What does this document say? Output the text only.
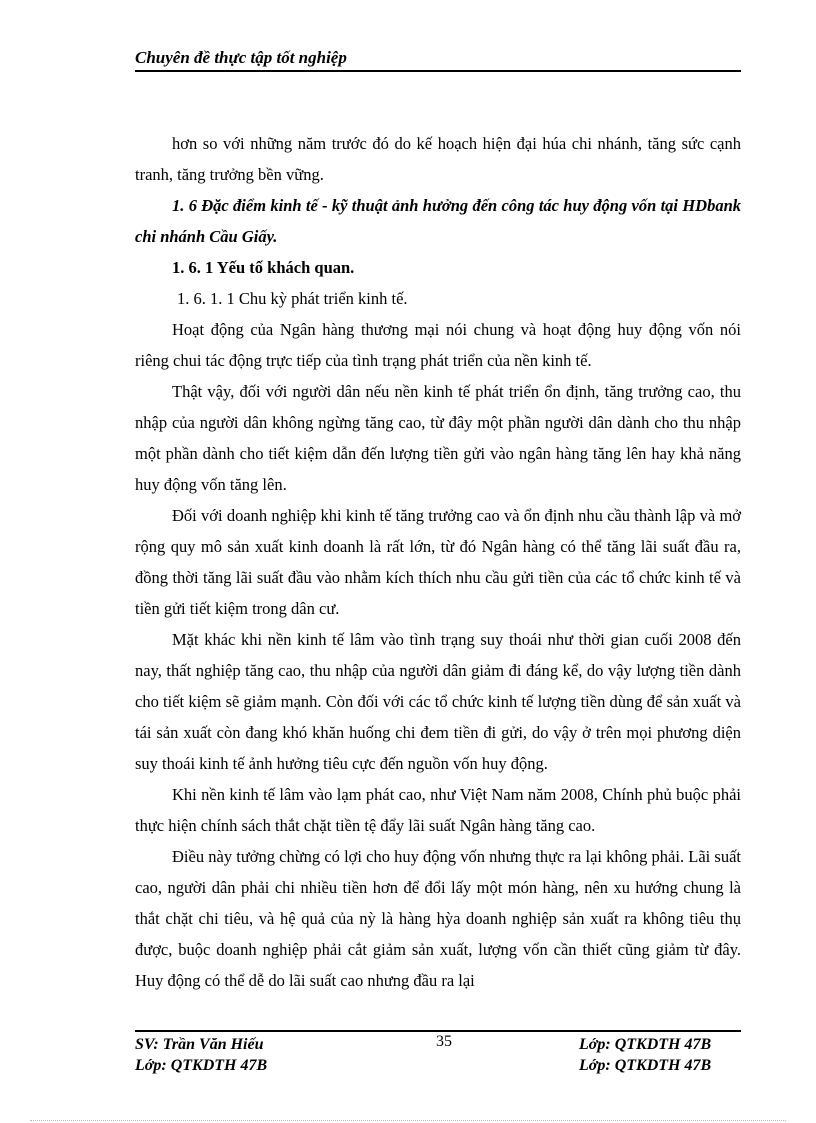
Chuyên đề thực tập tốt nghiệp

hơn so với những năm trước đó do kế hoạch hiện đại húa chi nhánh, tăng sức cạnh tranh, tăng trưởng bền vững.

1. 6 Đặc điểm kinh tế - kỹ thuật ảnh hưởng đến công tác huy động vốn tại HDbank chi nhánh Cầu Giấy.

1. 6. 1 Yếu tố khách quan.

1. 6. 1. 1 Chu kỳ phát triển kinh tế.

Hoạt động của Ngân hàng thương mại nói chung và hoạt động huy động vốn nói riêng chui tác động trực tiếp của tình trạng phát triển của nền kinh tế.

Thật vậy, đối với người dân nếu nền kinh tế phát triển ổn định, tăng trưởng cao, thu nhập của người dân không ngừng tăng cao, từ đây một phần người dân dành cho thu nhập một phần dành cho tiết kiệm dẫn đến lượng tiền gửi vào ngân hàng tăng lên hay khả năng huy động vốn tăng lên.

Đối với doanh nghiệp khi kinh tế tăng trưởng cao và ổn định nhu cầu thành lập và mở rộng quy mô sản xuất kinh doanh là rất lớn, từ đó Ngân hàng có thể tăng lãi suất đầu ra, đồng thời tăng lãi suất đầu vào nhằm kích thích nhu cầu gửi tiền của các tổ chức kinh tế và tiền gửi tiết kiệm trong dân cư.

Mặt khác khi nền kinh tế lâm vào tình trạng suy thoái như thời gian cuối 2008 đến nay, thất nghiệp tăng cao, thu nhập của người dân giảm đi đáng kể, do vậy lượng tiền dành cho tiết kiệm sẽ giảm mạnh. Còn đối với các tổ chức kinh tế lượng tiền dùng để sản xuất và tái sản xuất còn đang khó khăn huống chi đem tiền đi gửi, do vậy ở trên mọi phương diện suy thoái kinh tế ảnh hưởng tiêu cực đến nguồn vốn huy động.

Khi nền kinh tế lâm vào lạm phát cao, như Việt Nam năm 2008, Chính phủ buộc phải thực hiện chính sách thắt chặt tiền tệ đẩy lãi suất Ngân hàng tăng cao.

Điều này tưởng chừng có lợi cho huy động vốn nhưng thực ra lại không phải. Lãi suất cao, người dân phải chi nhiều tiền hơn để đổi lấy một món hàng, nên xu hướng chung là thắt chặt chi tiêu, và hệ quả của nỳ là hàng hỳa doanh nghiệp sản xuất ra không tiêu thụ được, buộc doanh nghiệp phải cắt giảm sản xuất, lượng vốn cần thiết cũng giảm từ đây. Huy động có thể dễ do lãi suất cao nhưng đầu ra lại

SV: Trần Văn Hiếu	35	Lớp: QTKDTH 47B
Lớp: QTKDTH 47B	Lớp: QTKDTH 47B
